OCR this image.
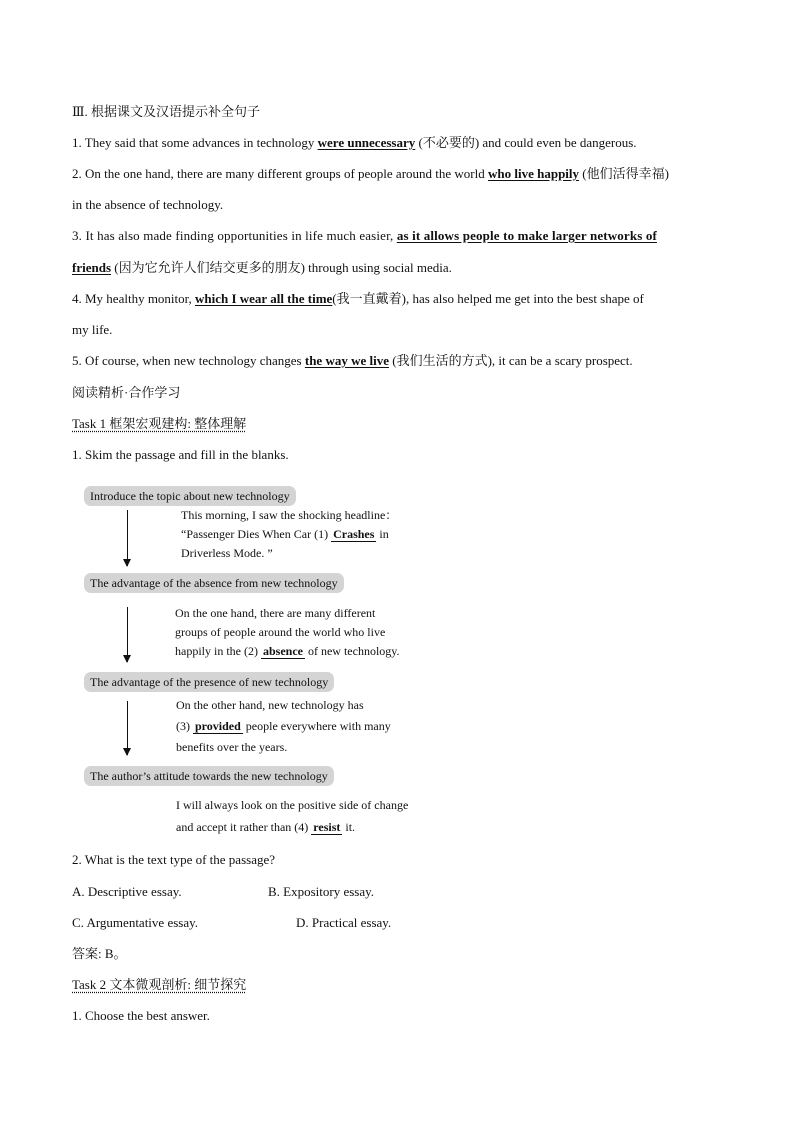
Ⅲ. 根据课文及汉语提示补全句子
1. They said that some advances in technology were unnecessary (不必要的) and could even be dangerous.
2. On the one hand, there are many different groups of people around the world who live happily (他们活得幸福)
in the absence of technology.
3. It has also made finding opportunities in life much easier, as it allows people to make larger networks of
friends (因为它允许人们结交更多的朋友) through using social media.
4. My healthy monitor, which I wear all the time(我一直戴着), has also helped me get into the best shape of
my life.
5. Of course, when new technology changes the way we live (我们生活的方式), it can be a scary prospect.
阅读精析·合作学习
Task 1 框架宏观建构: 整体理解
1. Skim the passage and fill in the blanks.
Introduce the topic about new technology
This morning, I saw the shocking headline：
“Passenger Dies When Car (1) Crashes in
Driverless Mode. ”
The advantage of the absence from new technology
On the one hand, there are many different
groups of people around the world who live
happily in the (2) absence of new technology.
The advantage of the presence of new technology
On the other hand, new technology has
(3) provided people everywhere with many
benefits over the years.
The author’s attitude towards the new technology
I will always look on the positive side of change
and accept it rather than (4) resist it.
2. What is the text type of the passage?
A. Descriptive essay.	B. Expository essay.
C. Argumentative essay.	D. Practical essay.
答案: B。
Task 2 文本微观剖析: 细节探究
1. Choose the best answer.
